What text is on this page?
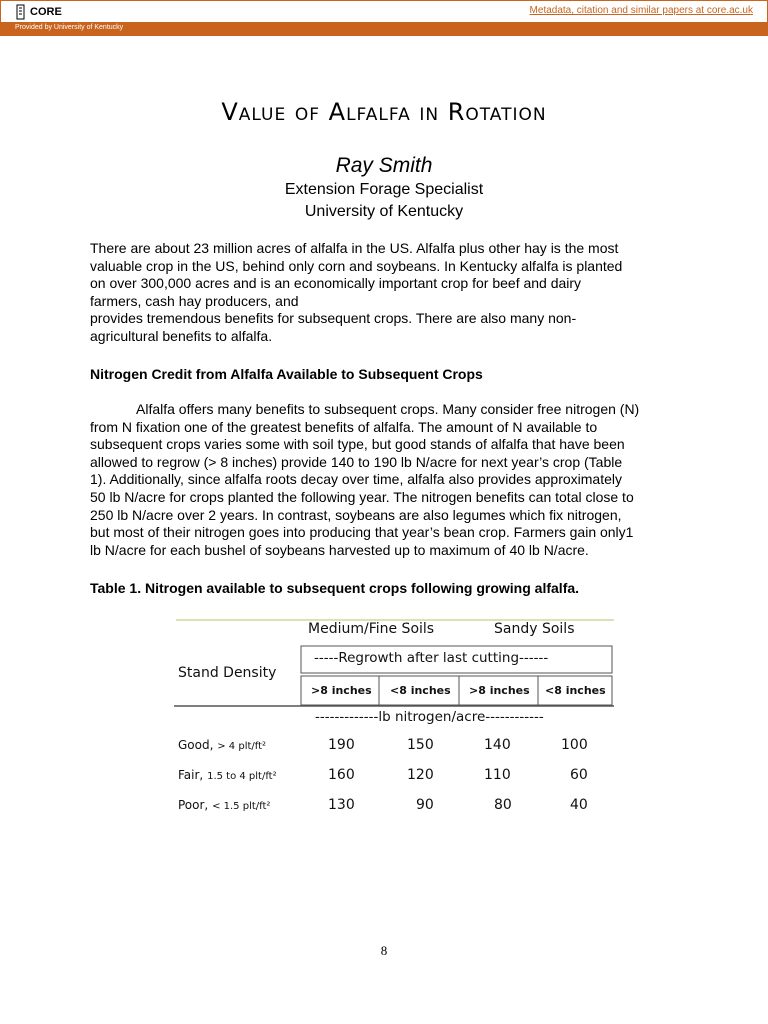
CORE	Metadata, citation and similar papers at core.ac.uk
Provided by University of Kentucky
Value of Alfalfa in Rotation
Ray Smith
Extension Forage Specialist
University of Kentucky
There are about 23 million acres of alfalfa in the US. Alfalfa plus other hay is the most
valuable crop in the US, behind only corn and soybeans. In Kentucky alfalfa is planted
on over 300,000 acres and is an economically important crop for beef and dairy
farmers, cash hay producers, and
provides tremendous benefits for subsequent crops. There are also many non-
agricultural benefits to alfalfa.
Nitrogen Credit from Alfalfa Available to Subsequent Crops
Alfalfa offers many benefits to subsequent crops. Many consider free nitrogen (N)
from N fixation one of the greatest benefits of alfalfa. The amount of N available to
subsequent crops varies some with soil type, but good stands of alfalfa that have been
allowed to regrow (> 8 inches) provide 140 to 190 lb N/acre for next year’s crop (Table
1). Additionally, since alfalfa roots decay over time, alfalfa also provides approximately
50 lb N/acre for crops planted the following year. The nitrogen benefits can total close to
250 lb N/acre over 2 years. In contrast, soybeans are also legumes which fix nitrogen,
but most of their nitrogen goes into producing that year’s bean crop. Farmers gain only1
lb N/acre for each bushel of soybeans harvested up to maximum of 40 lb N/acre.
Table 1. Nitrogen available to subsequent crops following growing alfalfa.
Medium/Fine Soils	Sandy Soils
Stand Density
-----Regrowth after last cutting------
>8 inches <8 inches >8 inches <8 inches
-------------lb nitrogen/acre------------
Good, > 4 plt/ft²	190	150	140	100
Fair, 1.5 to 4 plt/ft²	160	120	110	60
Poor, < 1.5 plt/ft²	130	90	80	40
8
